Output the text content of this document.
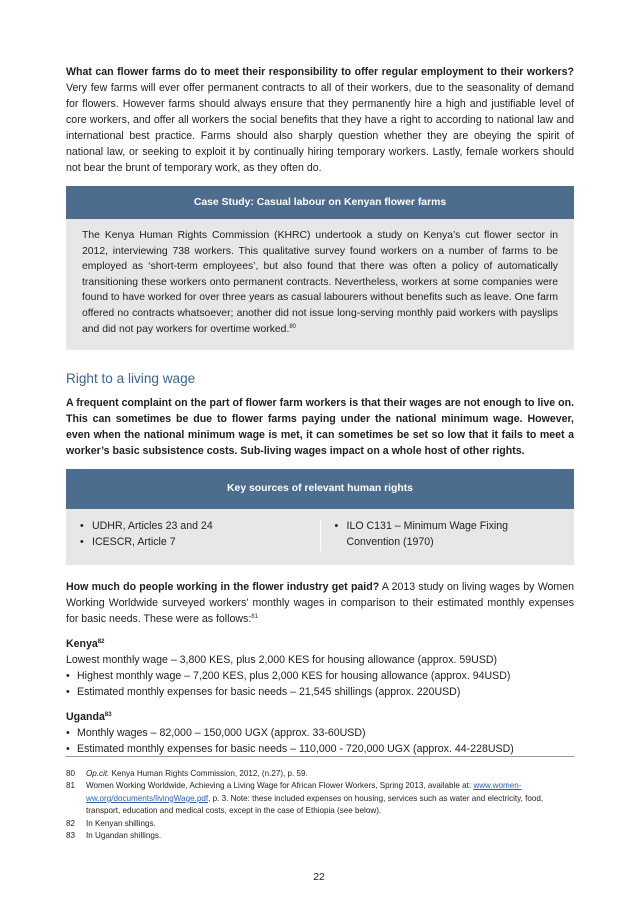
What can flower farms do to meet their responsibility to offer regular employment to their workers? Very few farms will ever offer permanent contracts to all of their workers, due to the seasonality of demand for flowers. However farms should always ensure that they permanently hire a high and justifiable level of core workers, and offer all workers the social benefits that they have a right to according to national law and international best practice. Farms should also sharply question whether they are obeying the spirit of national law, or seeking to exploit it by continually hiring temporary workers. Lastly, female workers should not bear the brunt of temporary work, as they often do.

Case Study: Casual labour on Kenyan flower farms
The Kenya Human Rights Commission (KHRC) undertook a study on Kenya’s cut flower sector in 2012, interviewing 738 workers. This qualitative survey found workers on a number of farms to be employed as ‘short-term employees’, but also found that there was often a policy of automatically transitioning these workers onto permanent contracts. Nevertheless, workers at some companies were found to have worked for over three years as casual labourers without benefits such as leave. One farm offered no contracts whatsoever; another did not issue long-serving monthly paid workers with payslips and did not pay workers for overtime worked.$^{80}$
Right to a living wage

A frequent complaint on the part of flower farm workers is that their wages are not enough to live on. This can sometimes be due to flower farms paying under the national minimum wage. However, even when the national minimum wage is met, it can sometimes be set so low that it fails to meet a worker’s basic subsistence costs. Sub-living wages impact on a whole host of other rights.

Key sources of relevant human rights
• UDHR, Articles 23 and 24
• ICESCR, Article 7
• ILO C131 – Minimum Wage Fixing Convention (1970)

How much do people working in the flower industry get paid? A 2013 study on living wages by Women Working Worldwide surveyed workers’ monthly wages in comparison to their estimated monthly expenses for basic needs. These were as follows:$^{81}$

Kenya$^{82}$

Lowest monthly wage – 3,800 KES, plus 2,000 KES for housing allowance (approx. 59USD)

• Highest monthly wage – 7,200 KES, plus 2,000 KES for housing allowance (approx. 94USD)

• Estimated monthly expenses for basic needs – 21,545 shillings (approx. 220USD)

Uganda$^{83}$

• Monthly wages – 82,000 – 150,000 UGX (approx. 33-60USD)

• Estimated monthly expenses for basic needs – 110,000 - 720,000 UGX (approx. 44-228USD)

80	Op.cit. Kenya Human Rights Commission, 2012, (n.27), p. 59.
81	Women Working Worldwide, Achieving a Living Wage for African Flower Workers, Spring 2013, available at: www.women-ww.org/documents/livingWage.pdf, p. 3. Note: these included expenses on housing, services such as water and electricity, food, transport, education and medical costs, except in the case of Ethiopia (see below).
82	In Kenyan shillings.
83	In Ugandan shillings.
22
